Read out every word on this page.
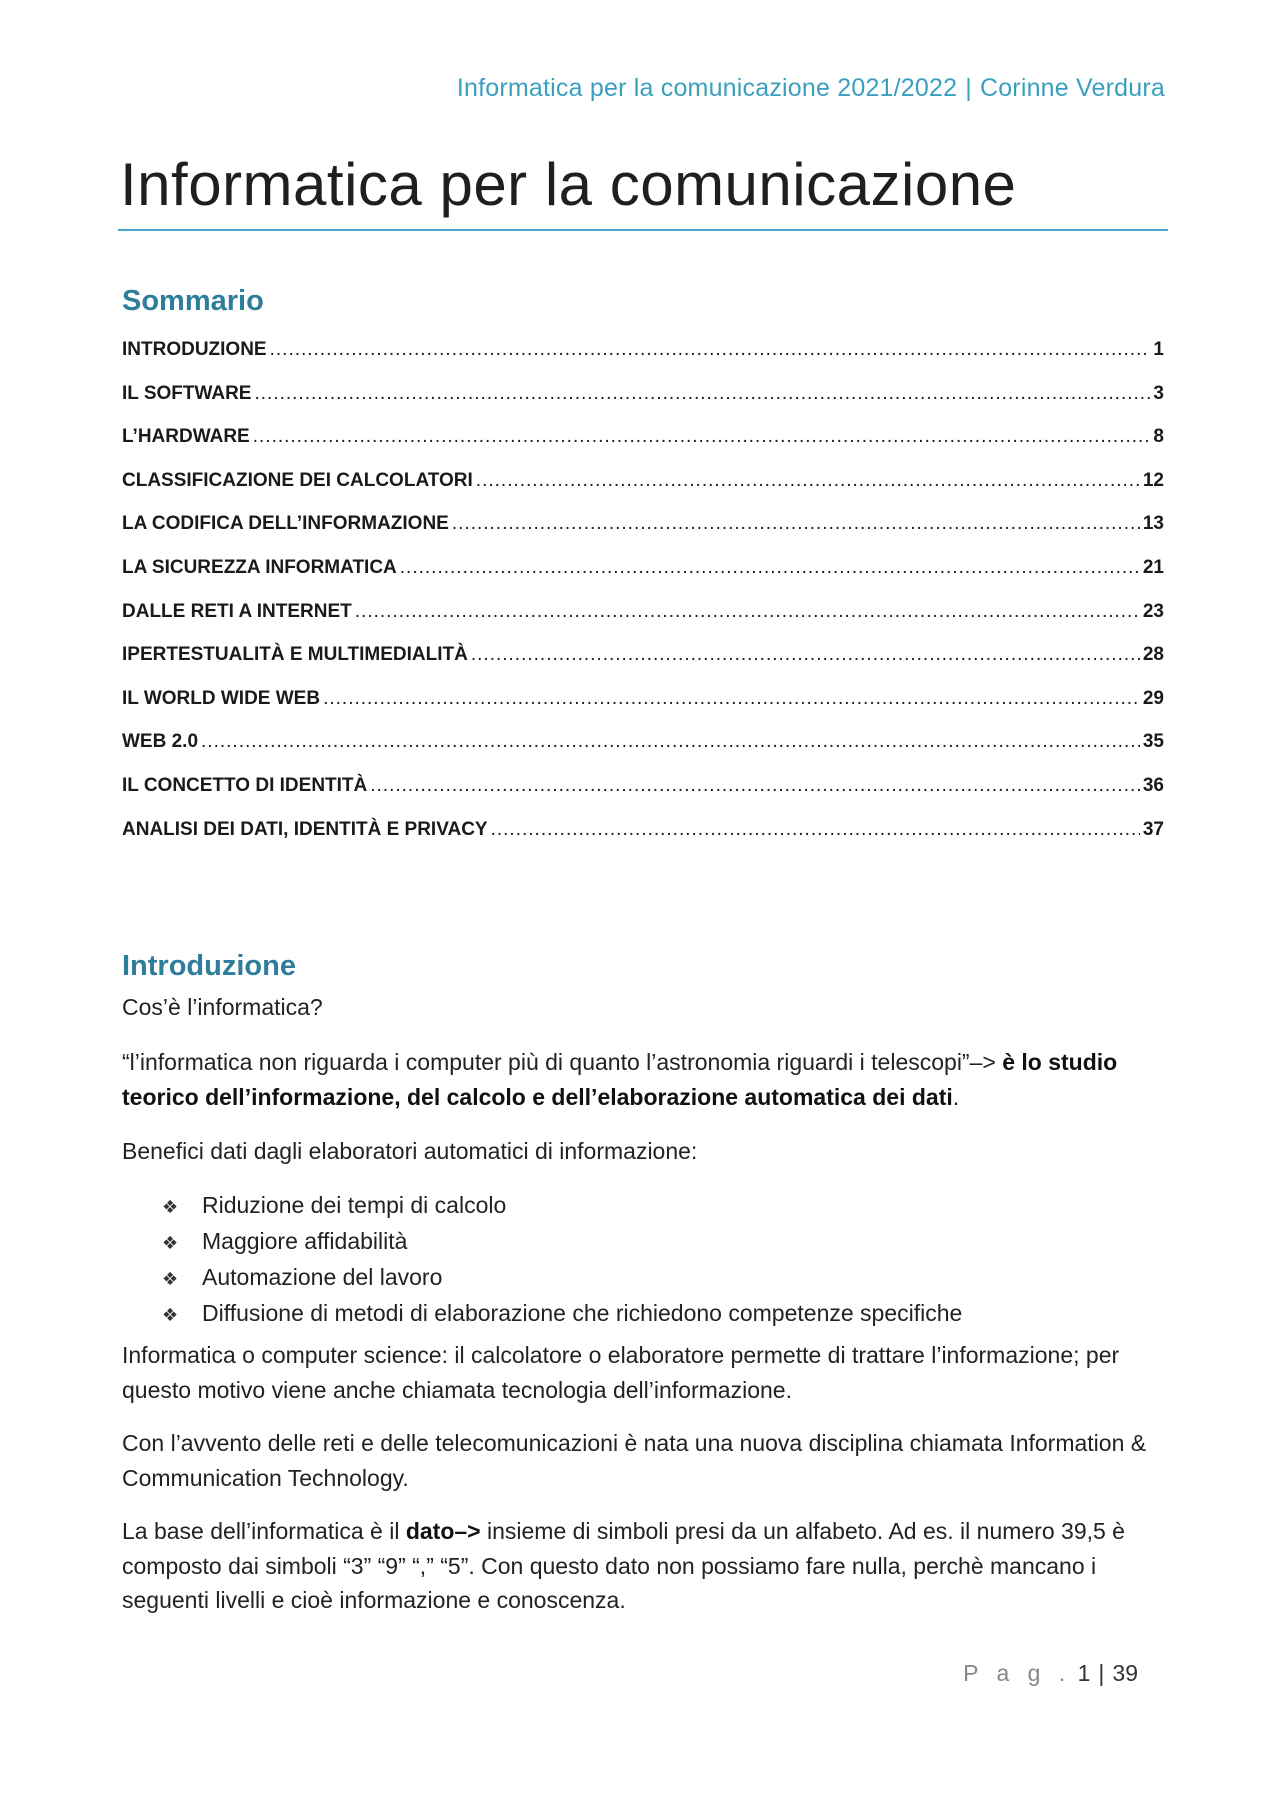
Informatica per la comunicazione 2021/2022 | Corinne Verdura
Informatica per la comunicazione
Sommario
INTRODUZIONE .....	1
IL SOFTWARE .....	3
L’HARDWARE .....	8
CLASSIFICAZIONE DEI CALCOLATORI .....	12
LA CODIFICA DELL’INFORMAZIONE .....	13
LA SICUREZZA INFORMATICA .....	21
DALLE RETI A INTERNET .....	23
IPERTESTUALITÀ E MULTIMEDIALITÀ .....	28
IL WORLD WIDE WEB .....	29
WEB 2.0 .....	35
IL CONCETTO DI IDENTITÀ .....	36
ANALISI DEI DATI, IDENTITÀ E PRIVACY .....	37
Introduzione

Cos’è l’informatica?

“l’informatica non riguarda i computer più di quanto l’astronomia riguardi i telescopi”–> è lo studio teorico dell’informazione, del calcolo e dell’elaborazione automatica dei dati.

Benefici dati dagli elaboratori automatici di informazione:

❖	Riduzione dei tempi di calcolo
❖	Maggiore affidabilità
❖	Automazione del lavoro
❖	Diffusione di metodi di elaborazione che richiedono competenze specifiche

Informatica o computer science: il calcolatore o elaboratore permette di trattare l’informazione; per questo motivo viene anche chiamata tecnologia dell’informazione.

Con l’avvento delle reti e delle telecomunicazioni è nata una nuova disciplina chiamata Information & Communication Technology.

La base dell’informatica è il dato–> insieme di simboli presi da un alfabeto. Ad es. il numero 39,5 è composto dai simboli “3” “9” “,” “5”. Con questo dato non possiamo fare nulla, perchè mancano i seguenti livelli e cioè informazione e conoscenza.

P a g . 1 | 39
